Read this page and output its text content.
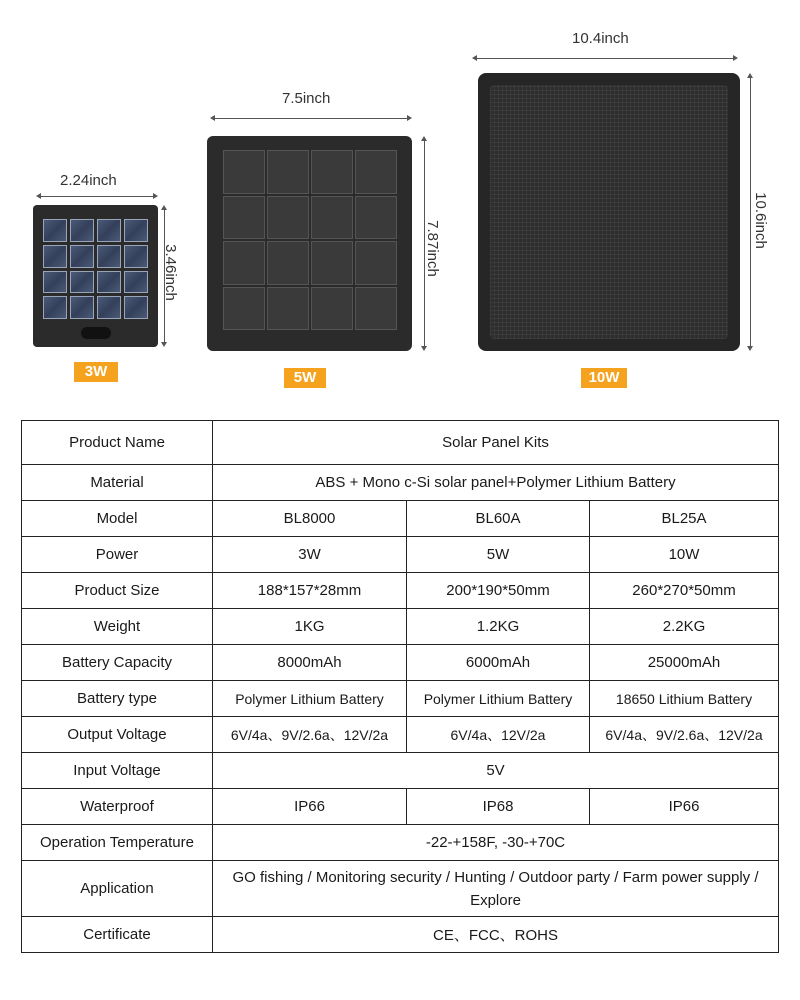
2.24inch
3.46inch
3W
7.5inch
7.87inch
5W
10.4inch
10.6inch
10W
Product Name	Solar Panel Kits		
Material	ABS + Mono c-Si solar panel+Polymer Lithium Battery		
Model	BL8000	BL60A	BL25A
Power	3W	5W	10W
Product Size	188*157*28mm	200*190*50mm	260*270*50mm
Weight	1KG	1.2KG	2.2KG
Battery Capacity	8000mAh	6000mAh	25000mAh
Battery type	Polymer Lithium Battery	Polymer Lithium Battery	18650 Lithium Battery
Output Voltage	6V/4a、9V/2.6a、12V/2a	6V/4a、12V/2a	6V/4a、9V/2.6a、12V/2a
Input Voltage	5V		
Waterproof	IP66	IP68	IP66
Operation Temperature	-22-+158F, -30-+70C		
Application	GO fishing / Monitoring security / Hunting / Outdoor party / Farm power supply / Explore		
Certificate	CE、FCC、ROHS		
